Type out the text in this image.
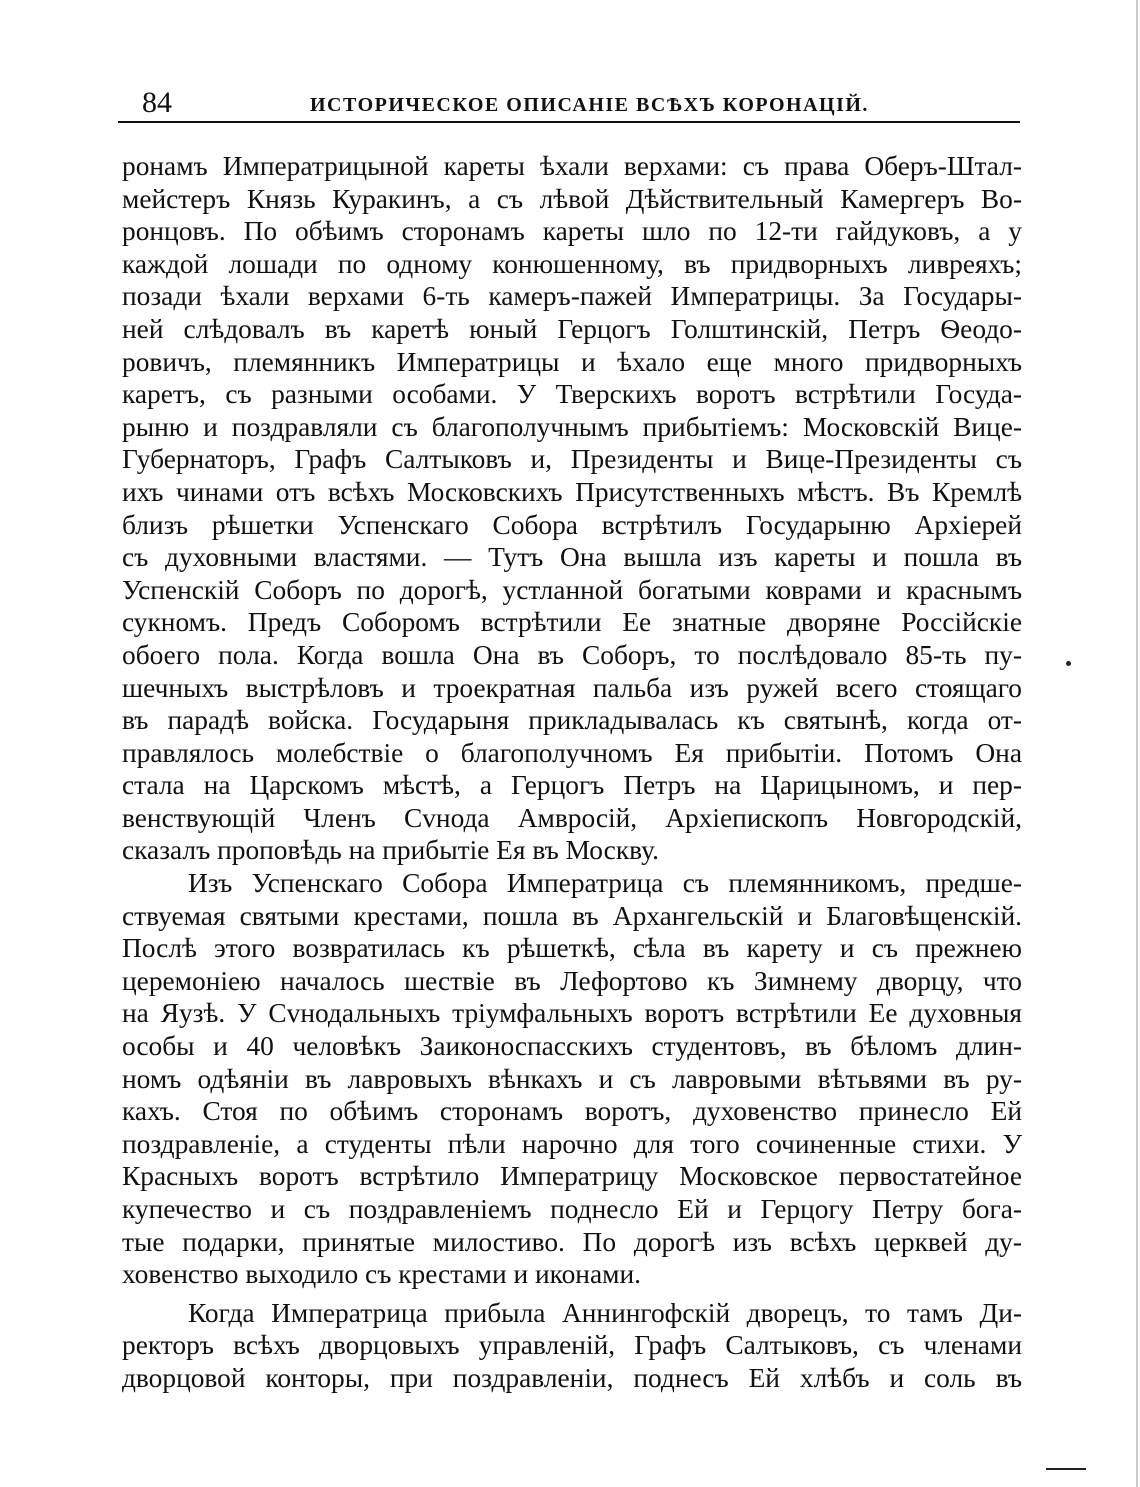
84	ИСТОРИЧЕСКОЕ ОПИСАНІЕ ВСѢХЪ КОРОНАЦІЙ.
ронамъ Императрицыной кареты ѣхали верхами: съ права Оберъ-Штал-
мейстеръ Князь Куракинъ, а съ лѣвой Дѣйствительный Камергеръ Во-
ронцовъ. По обѣимъ сторонамъ кареты шло по 12-ти гайдуковъ, а у
каждой лошади по одному конюшенному, въ придворныхъ ливреяхъ;
позади ѣхали верхами 6-ть камеръ-пажей Императрицы. За Государы-
ней слѣдовалъ въ каретѣ юный Герцогъ Голштинскій, Петръ Ѳеодо-
ровичъ, племянникъ Императрицы и ѣхало еще много придворныхъ
каретъ, съ разными особами. У Тверскихъ воротъ встрѣтили Госуда-
рыню и поздравляли съ благополучнымъ прибытіемъ: Московскій Вице-
Губернаторъ, Графъ Салтыковъ и, Президенты и Вице-Президенты съ
ихъ чинами отъ всѣхъ Московскихъ Присутственныхъ мѣстъ. Въ Кремлѣ
близъ рѣшетки Успенскаго Собора встрѣтилъ Государыню Архіерей
съ духовными властями. — Тутъ Она вышла изъ кареты и пошла въ
Успенскій Соборъ по дорогѣ, устланной богатыми коврами и краснымъ
сукномъ. Предъ Соборомъ встрѣтили Ее знатные дворяне Россійскіе
обоего пола. Когда вошла Она въ Соборъ, то послѣдовало 85-ть пу-
шечныхъ выстрѣловъ и троекратная пальба изъ ружей всего стоящаго
въ парадѣ войска. Государыня прикладывалась къ святынѣ, когда от-
правлялось молебствіе о благополучномъ Ея прибытіи. Потомъ Она
стала на Царскомъ мѣстѣ, а Герцогъ Петръ на Царицыномъ, и пер-
венствующій Членъ Сvнода Амвросій, Архіепископъ Новгородскій,
сказалъ проповѣдь на прибытіе Ея въ Москву.
Изъ Успенскаго Собора Императрица съ племянникомъ, предше-
ствуемая святыми крестами, пошла въ Архангельскій и Благовѣщенскій.
Послѣ этого возвратилась къ рѣшеткѣ, сѣла въ карету и съ прежнею
церемоніею началось шествіе въ Лефортово къ Зимнему дворцу, что
на Яузѣ. У Сvнодальныхъ тріумфальныхъ воротъ встрѣтили Ее духовныя
особы и 40 человѣкъ Заиконоспасскихъ студентовъ, въ бѣломъ длин-
номъ одѣяніи въ лавровыхъ вѣнкахъ и съ лавровыми вѣтьвями въ ру-
кахъ. Стоя по обѣимъ сторонамъ воротъ, духовенство принесло Ей
поздравленіе, а студенты пѣли нарочно для того сочиненные стихи. У
Красныхъ воротъ встрѣтило Императрицу Московское первостатейное
купечество и съ поздравленіемъ поднесло Ей и Герцогу Петру бога-
тые подарки, принятые милостиво. По дорогѣ изъ всѣхъ церквей ду-
ховенство выходило съ крестами и иконами.
Когда Императрица прибыла Аннингофскій дворецъ, то тамъ Ди-
ректоръ всѣхъ дворцовыхъ управленій, Графъ Салтыковъ, съ членами
дворцовой конторы, при поздравленіи, поднесъ Ей хлѣбъ и соль въ
